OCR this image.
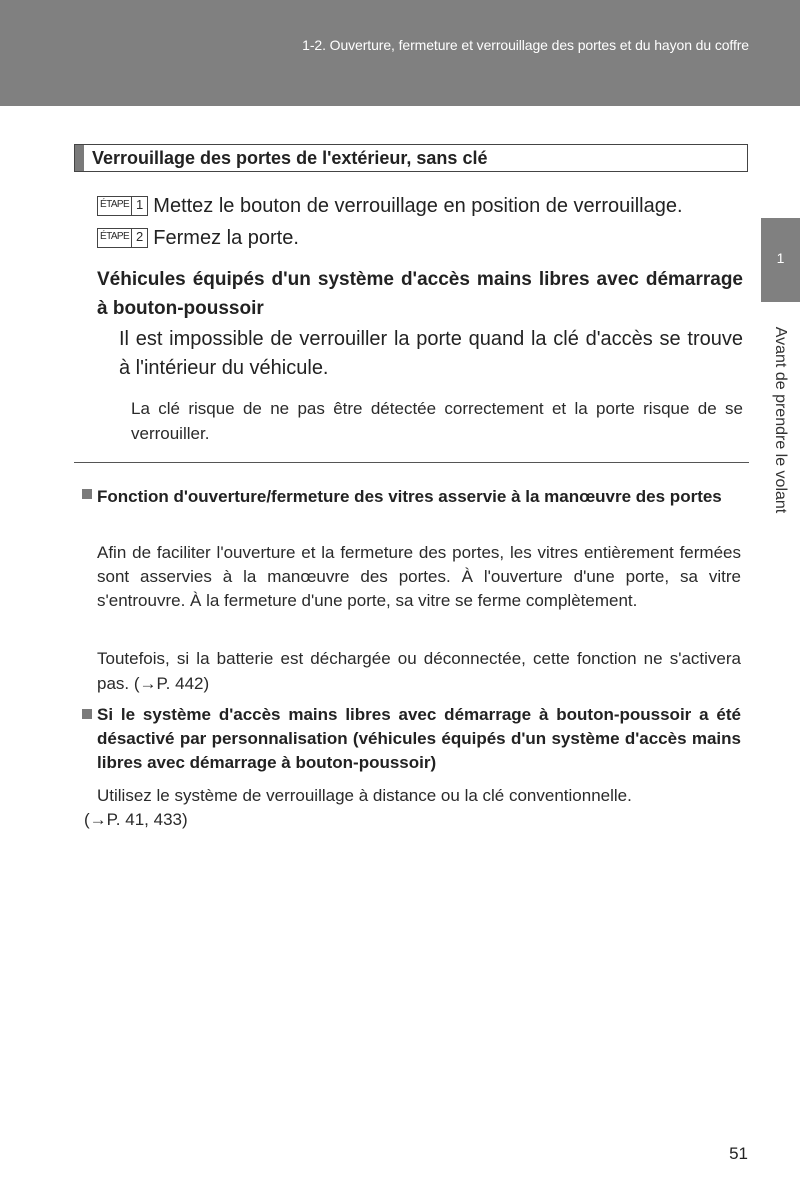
1-2. Ouverture, fermeture et verrouillage des portes et du hayon du coffre
1
Avant de prendre le volant
Verrouillage des portes de l'extérieur, sans clé
ÉTAPE 1 Mettez le bouton de verrouillage en position de verrouillage.
ÉTAPE 2 Fermez la porte.
Véhicules équipés d'un système d'accès mains libres avec démarrage à bouton-poussoir
Il est impossible de verrouiller la porte quand la clé d'accès se trouve à l'intérieur du véhicule.
La clé risque de ne pas être détectée correctement et la porte risque de se verrouiller.
Fonction d'ouverture/fermeture des vitres asservie à la manœuvre des portes
Afin de faciliter l'ouverture et la fermeture des portes, les vitres entièrement fermées sont asservies à la manœuvre des portes. À l'ouverture d'une porte, sa vitre s'entrouvre. À la fermeture d'une porte, sa vitre se ferme complètement.
Toutefois, si la batterie est déchargée ou déconnectée, cette fonction ne s'activera pas. (→P. 442)
Si le système d'accès mains libres avec démarrage à bouton-poussoir a été désactivé par personnalisation (véhicules équipés d'un système d'accès mains libres avec démarrage à bouton-poussoir)
Utilisez le système de verrouillage à distance ou la clé conventionnelle.
(→P. 41, 433)
51
